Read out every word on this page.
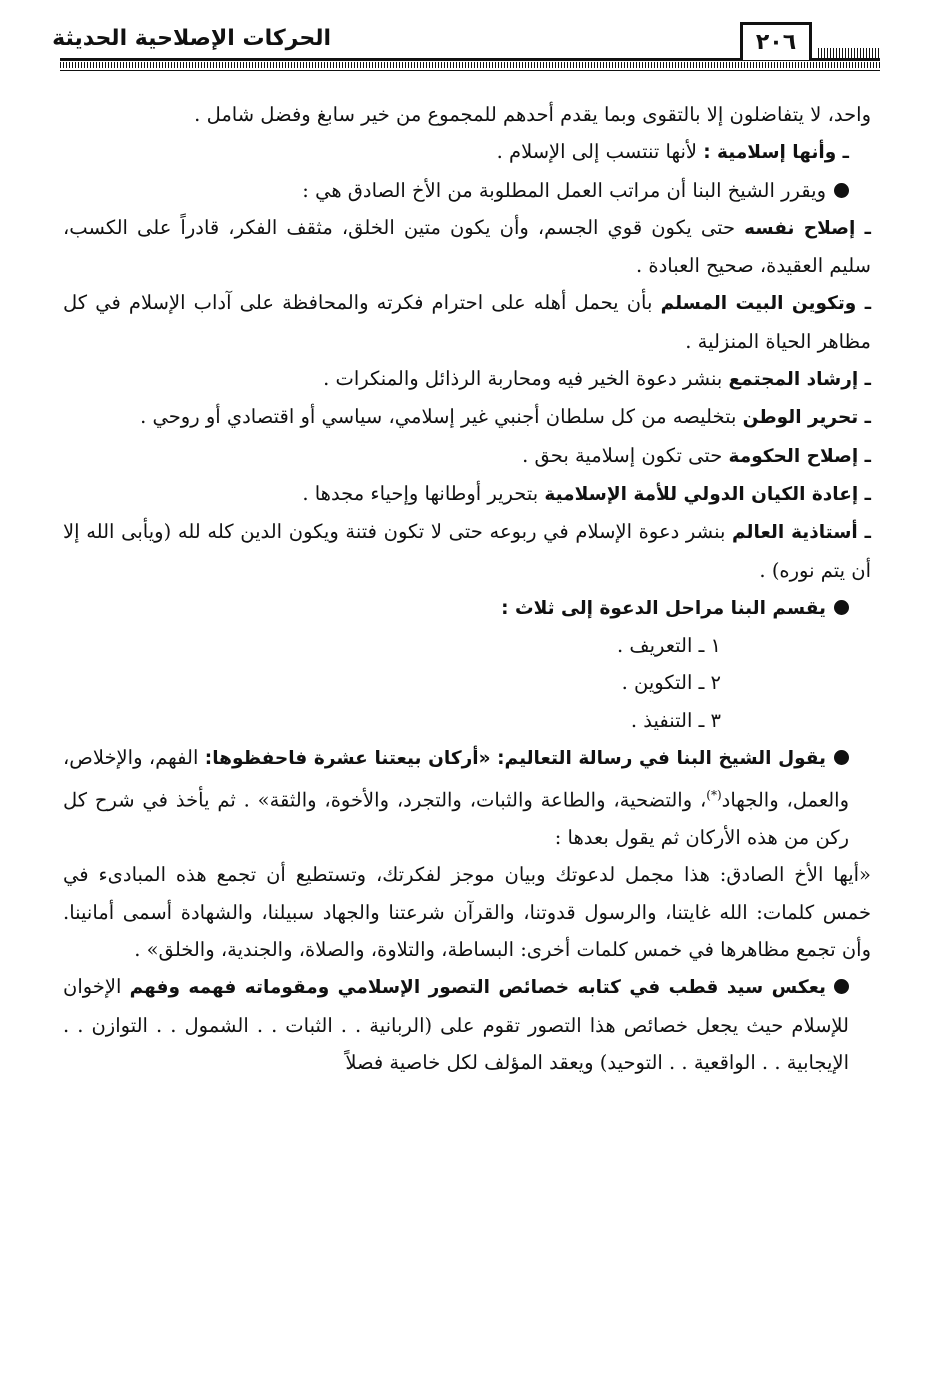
الحركات الإصلاحية الحديثة	٢٠٦
`

واحد، لا يتفاضلون إلا بالتقوى وبما يقدم أحدهم للمجموع من خير سابغ وفضل شامل .

ـ وأنها إسلامية : لأنها تنتسب إلى الإسلام .

ويقرر الشيخ البنا أن مراتب العمل المطلوبة من الأخ الصادق هي :

ـ إصلاح نفسه حتى يكون قوي الجسم، وأن يكون متين الخلق، مثقف الفكر، قادراً على الكسب، سليم العقيدة، صحيح العبادة .

ـ وتكوين البيت المسلم بأن يحمل أهله على احترام فكرته والمحافظة على آداب الإسلام في كل مظاهر الحياة المنزلية .

ـ إرشاد المجتمع بنشر دعوة الخير فيه ومحاربة الرذائل والمنكرات .

ـ تحرير الوطن بتخليصه من كل سلطان أجنبي غير إسلامي، سياسي أو اقتصادي أو روحي .

ـ إصلاح الحكومة حتى تكون إسلامية بحق .

ـ إعادة الكيان الدولي للأمة الإسلامية بتحرير أوطانها وإحياء مجدها .

ـ أستاذية العالم بنشر دعوة الإسلام في ربوعه حتى لا تكون فتنة ويكون الدين كله لله (ويأبى الله إلا أن يتم نوره) .

يقسم البنا مراحل الدعوة إلى ثلاث :

١ ـ التعريف .

٢ ـ التكوين .

٣ ـ التنفيذ .

يقول الشيخ البنا في رسالة التعاليم: «أركان بيعتنا عشرة فاحفظوها: الفهم، والإخلاص، والعمل، والجهاد(*)، والتضحية، والطاعة والثبات، والتجرد، والأخوة، والثقة» . ثم يأخذ في شرح كل ركن من هذه الأركان ثم يقول بعدها :

«أيها الأخ الصادق: هذا مجمل لدعوتك وبيان موجز لفكرتك، وتستطيع أن تجمع هذه المبادىء في خمس كلمات: الله غايتنا، والرسول قدوتنا، والقرآن شرعتنا والجهاد سبيلنا، والشهادة أسمى أمانينا. وأن تجمع مظاهرها في خمس كلمات أخرى: البساطة، والتلاوة، والصلاة، والجندية، والخلق» .

يعكس سيد قطب في كتابه خصائص التصور الإسلامي ومقوماته فهمه وفهم الإخوان للإسلام حيث يجعل خصائص هذا التصور تقوم على (الربانية . . الثبات . . الشمول . . التوازن . . الإيجابية . . الواقعية . . التوحيد) ويعقد المؤلف لكل خاصية فصلاً
